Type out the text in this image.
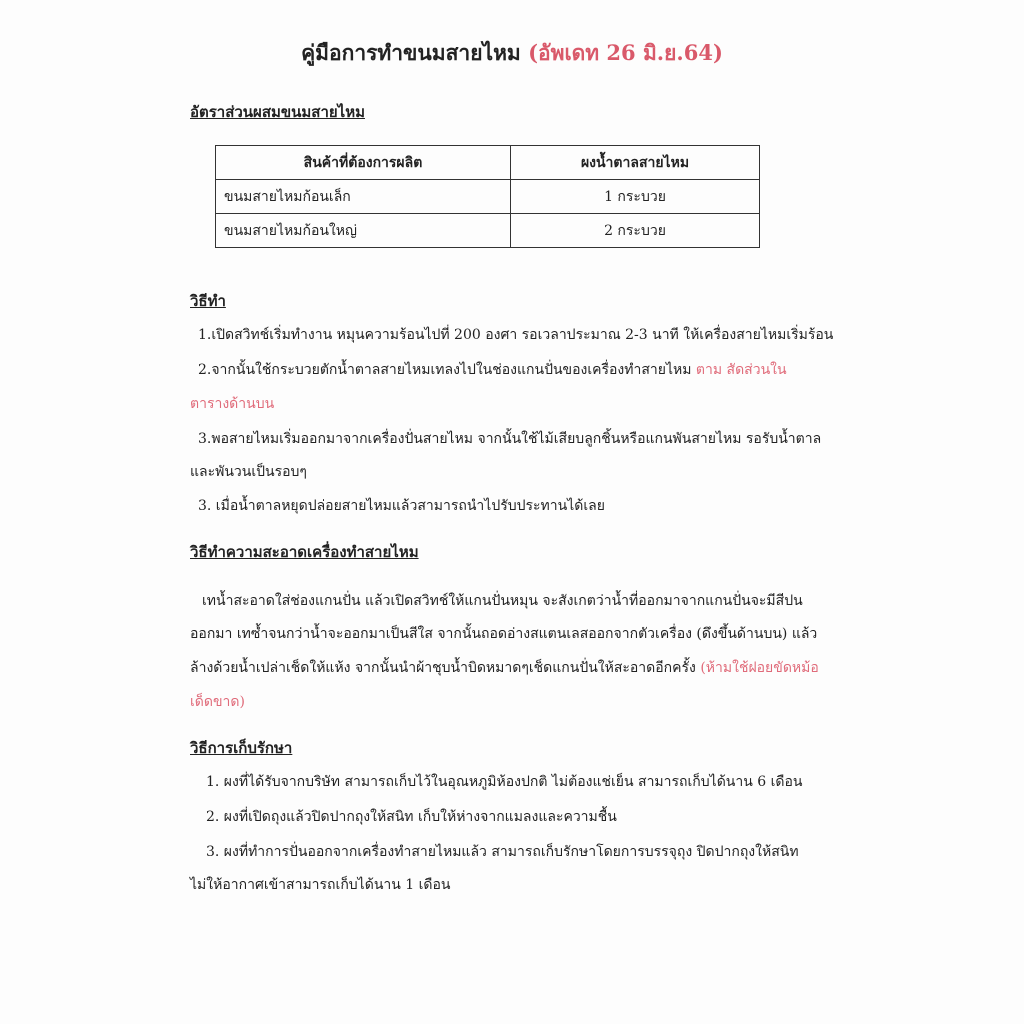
คู่มือการทำขนมสายไหม (อัพเดท 26 มิ.ย.64)
อัตราส่วนผสมขนมสายไหม
สินค้าที่ต้องการผลิต	ผงน้ำตาลสายไหม
ขนมสายไหมก้อนเล็ก	1 กระบวย
ขนมสายไหมก้อนใหญ่	2 กระบวย
วิธีทำ
1.เปิดสวิทช์เริ่มทำงาน หมุนความร้อนไปที่ 200 องศา รอเวลาประมาณ 2-3 นาที ให้เครื่องสายไหมเริ่มร้อน
2.จากนั้นใช้กระบวยตักน้ำตาลสายไหมเทลงไปในช่องแกนปั่นของเครื่องทำสายไหม ตาม สัดส่วนใน
ตารางด้านบน
3.พอสายไหมเริ่มออกมาจากเครื่องปั่นสายไหม จากนั้นใช้ไม้เสียบลูกชิ้นหรือแกนพันสายไหม รอรับน้ำตาล
และพันวนเป็นรอบๆ
3. เมื่อน้ำตาลหยุดปล่อยสายไหมแล้วสามารถนำไปรับประทานได้เลย
วิธีทำความสะอาดเครื่องทำสายไหม
เทน้ำสะอาดใส่ช่องแกนปั่น แล้วเปิดสวิทช์ให้แกนปั่นหมุน จะสังเกตว่าน้ำที่ออกมาจากแกนปั่นจะมีสีปน
ออกมา เทซ้ำจนกว่าน้ำจะออกมาเป็นสีใส จากนั้นถอดอ่างสแตนเลสออกจากตัวเครื่อง (ดึงขึ้นด้านบน) แล้ว
ล้างด้วยน้ำเปล่าเช็ดให้แห้ง จากนั้นนำผ้าชุบน้ำบิดหมาดๆเช็ดแกนปั่นให้สะอาดอีกครั้ง (ห้ามใช้ฝอยขัดหม้อ
เด็ดขาด)
วิธีการเก็บรักษา
1. ผงที่ได้รับจากบริษัท สามารถเก็บไว้ในอุณหภูมิห้องปกติ ไม่ต้องแช่เย็น สามารถเก็บได้นาน 6 เดือน
2. ผงที่เปิดถุงแล้วปิดปากถุงให้สนิท เก็บให้ห่างจากแมลงและความชื้น
3. ผงที่ทำการปั่นออกจากเครื่องทำสายไหมแล้ว สามารถเก็บรักษาโดยการบรรจุถุง ปิดปากถุงให้สนิท
ไม่ให้อากาศเข้าสามารถเก็บได้นาน 1 เดือน
